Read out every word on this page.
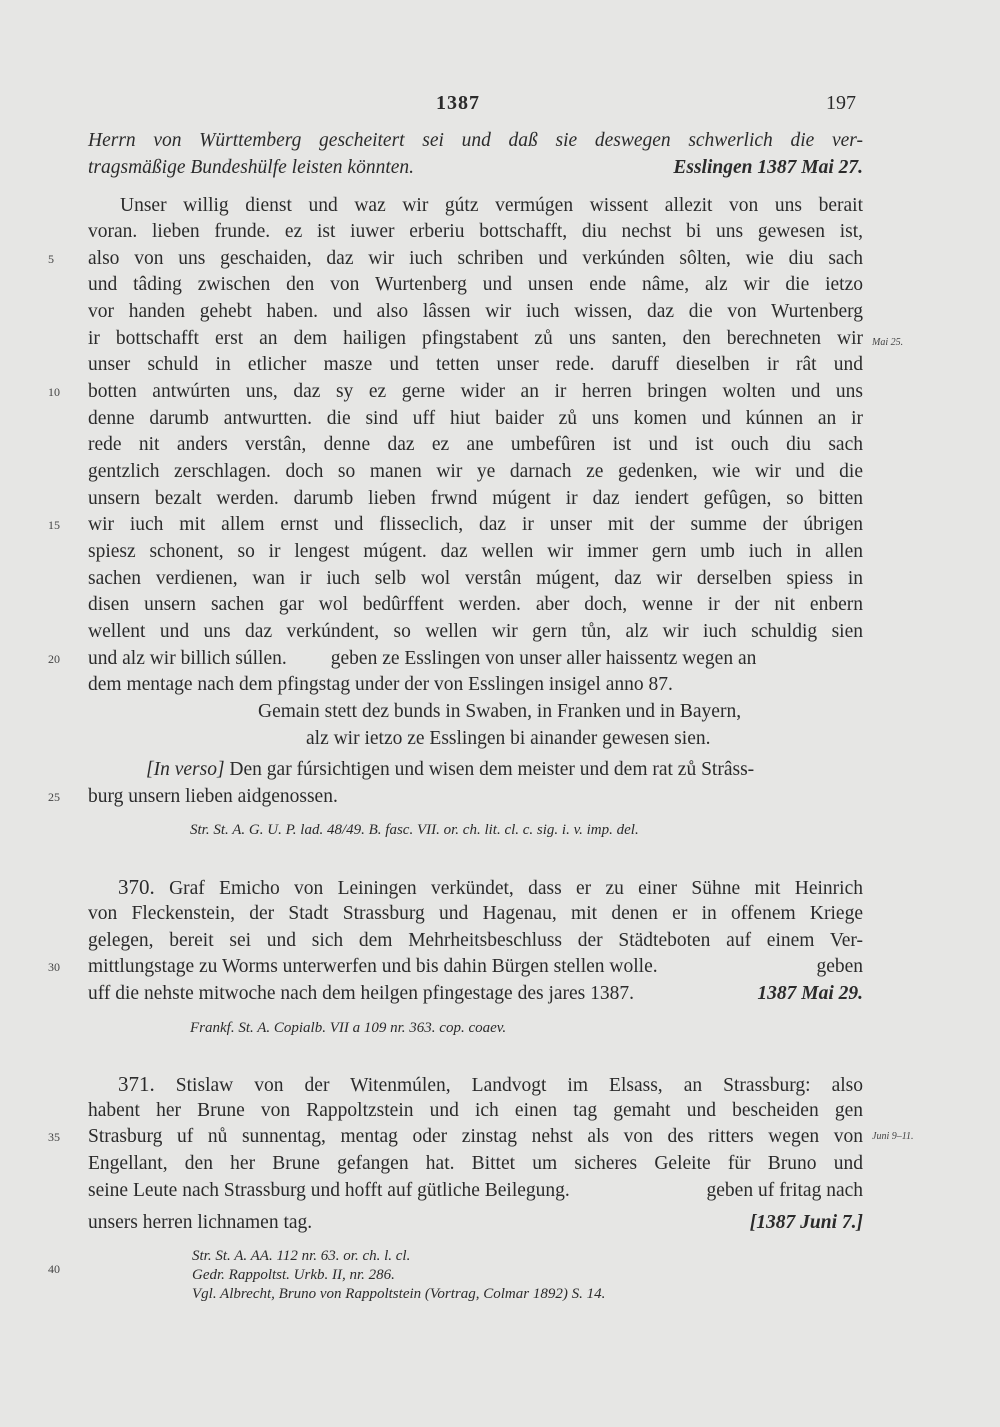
1387	197
Herrn von Württemberg gescheitert sei und daß sie deswegen schwerlich die ver-
tragsmäßige Bundeshülfe leisten könnten.	Esslingen 1387 Mai 27.
Unser willig dienst und waz wir gútz vermúgen wissent allezit von uns berait
voran. lieben frunde. ez ist iuwer erberiu bottschafft, diu nechst bi uns gewesen ist,
also von uns geschaiden, daz wir iuch schriben und verkúnden sôlten, wie diu sach
und tâding zwischen den von Wurtenberg und unsen ende nâme, alz wir die ietzo
vor handen gehebt haben. und also lâssen wir iuch wissen, daz die von Wurtenberg
ir bottschafft erst an dem hailigen pfingstabent zů uns santen, den berechneten wir
unser schuld in etlicher masze und tetten unser rede. daruff dieselben ir rât und
botten antwúrten uns, daz sy ez gerne wider an ir herren bringen wolten und uns
denne darumb antwurtten. die sind uff hiut baider zů uns komen und kúnnen an ir
rede nit anders verstân, denne daz ez ane umbefûren ist und ist ouch diu sach
gentzlich zerschlagen. doch so manen wir ye darnach ze gedenken, wie wir und die
unsern bezalt werden. darumb lieben frwnd múgent ir daz iendert gefûgen, so bitten
wir iuch mit allem ernst und flisseclich, daz ir unser mit der summe der úbrigen
spiesz schonent, so ir lengest múgent. daz wellen wir immer gern umb iuch in allen
sachen verdienen, wan ir iuch selb wol verstân múgent, daz wir derselben spiess in
disen unsern sachen gar wol bedûrffent werden. aber doch, wenne ir der nit enbern
wellent und uns daz verkúndent, so wellen wir gern tůn, alz wir iuch schuldig sien
und alz wir billich súllen. geben ze Esslingen von unser aller haissentz wegen an
dem mentage nach dem pfingstag under der von Esslingen insigel anno 87.
Gemain stett dez bunds in Swaben, in Franken und in Bayern,
alz wir ietzo ze Esslingen bi ainander gewesen sien.
[In verso] Den gar fúrsichtigen und wisen dem meister und dem rat zů Strâss-
burg unsern lieben aidgenossen.
Str. St. A. G. U. P. lad. 48/49. B. fasc. VII. or. ch. lit. cl. c. sig. i. v. imp. del.
Mai 25.
370. Graf Emicho von Leiningen verkündet, dass er zu einer Sühne mit Heinrich
von Fleckenstein, der Stadt Strassburg und Hagenau, mit denen er in offenem Kriege
gelegen, bereit sei und sich dem Mehrheitsbeschluss der Städteboten auf einem Ver-
mittlungstage zu Worms unterwerfen und bis dahin Bürgen stellen wolle.	geben
uff die nehste mitwoche nach dem heilgen pfingestage des jares 1387.	1387 Mai 29.
Frankf. St. A. Copialb. VII a 109 nr. 363. cop. coaev.
371. Stislaw von der Witenmúlen, Landvogt im Elsass, an Strassburg: also
habent her Brune von Rappoltzstein und ich einen tag gemaht und bescheiden gen
Strasburg uf nů sunnentag, mentag oder zinstag nehst als von des ritters wegen von
Engellant, den her Brune gefangen hat. Bittet um sicheres Geleite für Bruno und
seine Leute nach Strassburg und hofft auf gütliche Beilegung.	geben uf fritag nach
unsers herren lichnamen tag.	[1387 Juni 7.]
Juni 9–11.
Str. St. A. AA. 112 nr. 63. or. ch. l. cl.
Gedr. Rappoltst. Urkb. II, nr. 286.
Vgl. Albrecht, Bruno von Rappoltstein (Vortrag, Colmar 1892) S. 14.
5
10
15
20
25
30
35
40
